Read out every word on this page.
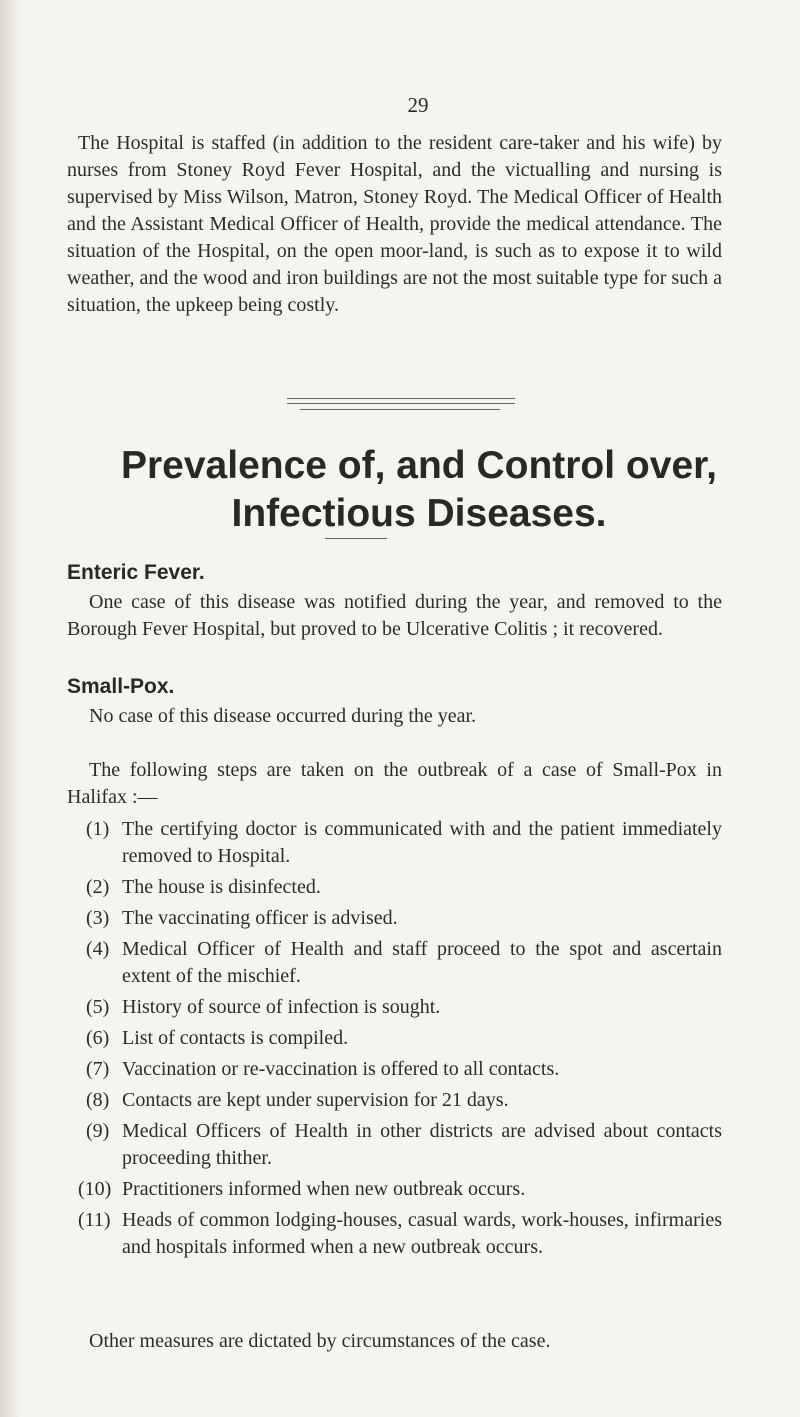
29

The Hospital is staffed (in addition to the resident care-taker and his wife) by nurses from Stoney Royd Fever Hospital, and the victualling and nursing is supervised by Miss Wilson, Matron, Stoney Royd. The Medical Officer of Health and the Assistant Medical Officer of Health, provide the medical attendance. The situation of the Hospital, on the open moor-land, is such as to expose it to wild weather, and the wood and iron buildings are not the most suitable type for such a situation, the upkeep being costly.

Prevalence of, and Control over,
Infectious Diseases.
Enteric Fever.

One case of this disease was notified during the year, and removed to the Borough Fever Hospital, but proved to be Ulcerative Colitis ; it recovered.

Small-Pox.

No case of this disease occurred during the year.

The following steps are taken on the outbreak of a case of Small-Pox in Halifax :—

(1) The certifying doctor is communicated with and the patient immediately removed to Hospital.
(2) The house is disinfected.
(3) The vaccinating officer is advised.
(4) Medical Officer of Health and staff proceed to the spot and ascertain extent of the mischief.
(5) History of source of infection is sought.
(6) List of contacts is compiled.
(7) Vaccination or re-vaccination is offered to all contacts.
(8) Contacts are kept under supervision for 21 days.
(9) Medical Officers of Health in other districts are advised about contacts proceeding thither.
(10) Practitioners informed when new outbreak occurs.
(11) Heads of common lodging-houses, casual wards, work-houses, infirmaries and hospitals informed when a new outbreak occurs.

Other measures are dictated by circumstances of the case.
